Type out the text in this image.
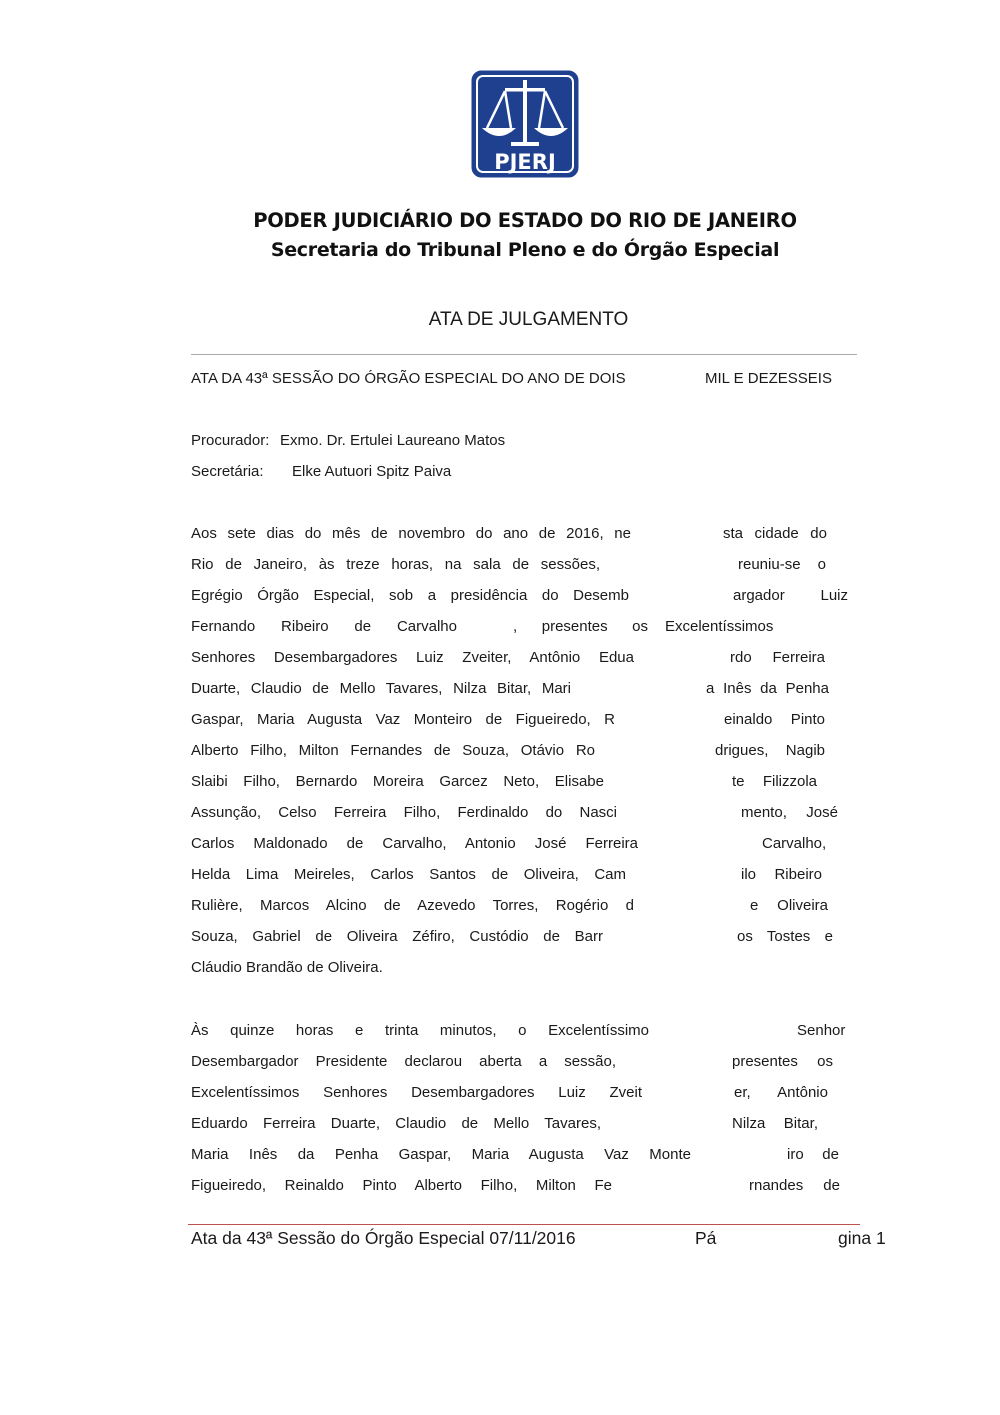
PJERJ
PODER JUDICIÁRIO DO ESTADO DO RIO DE JANEIRO
Secretaria do Tribunal Pleno e do Órgão Especial
ATA DE JULGAMENTO
ATA DA 43ª SESSÃO DO ÓRGÃO ESPECIAL DO ANO DE DOIS	MIL E DEZESSEIS
Procurador: Exmo. Dr. Ertulei Laureano Matos
Secretária: Elke Autuori Spitz Paiva
Aos sete dias do mês de novembro do ano de 2016, ne	sta cidade do
Rio de Janeiro, às treze horas, na sala de sessões,	reuniu-se o
Egrégio Órgão Especial, sob a presidência do Desemb	argador Luiz
Fernando Ribeiro de Carvalho	, presentes os Excelentíssimos
Senhores Desembargadores Luiz Zveiter, Antônio Edua	rdo Ferreira
Duarte, Claudio de Mello Tavares, Nilza Bitar, Mari	a Inês da Penha
Gaspar, Maria Augusta Vaz Monteiro de Figueiredo, R	einaldo Pinto
Alberto Filho, Milton Fernandes de Souza, Otávio Ro	drigues, Nagib
Slaibi Filho, Bernardo Moreira Garcez Neto, Elisabe	te Filizzola
Assunção, Celso Ferreira Filho, Ferdinaldo do Nasci	mento, José
Carlos Maldonado de Carvalho, Antonio José Ferreira	Carvalho,
Helda Lima Meireles, Carlos Santos de Oliveira, Cam	ilo Ribeiro
Rulière, Marcos Alcino de Azevedo Torres, Rogério d	e Oliveira
Souza, Gabriel de Oliveira Zéfiro, Custódio de Barr	os Tostes e
Cláudio Brandão de Oliveira.
Às quinze horas e trinta minutos, o Excelentíssimo	Senhor
Desembargador Presidente declarou aberta a sessão,	presentes os
Excelentíssimos Senhores Desembargadores Luiz Zveit	er, Antônio
Eduardo Ferreira Duarte, Claudio de Mello Tavares,	Nilza Bitar,
Maria Inês da Penha Gaspar, Maria Augusta Vaz Monte	iro de
Figueiredo, Reinaldo Pinto Alberto Filho, Milton Fe	rnandes de
Ata da 43ª Sessão do Órgão Especial 07/11/2016	Pá	gina 1
